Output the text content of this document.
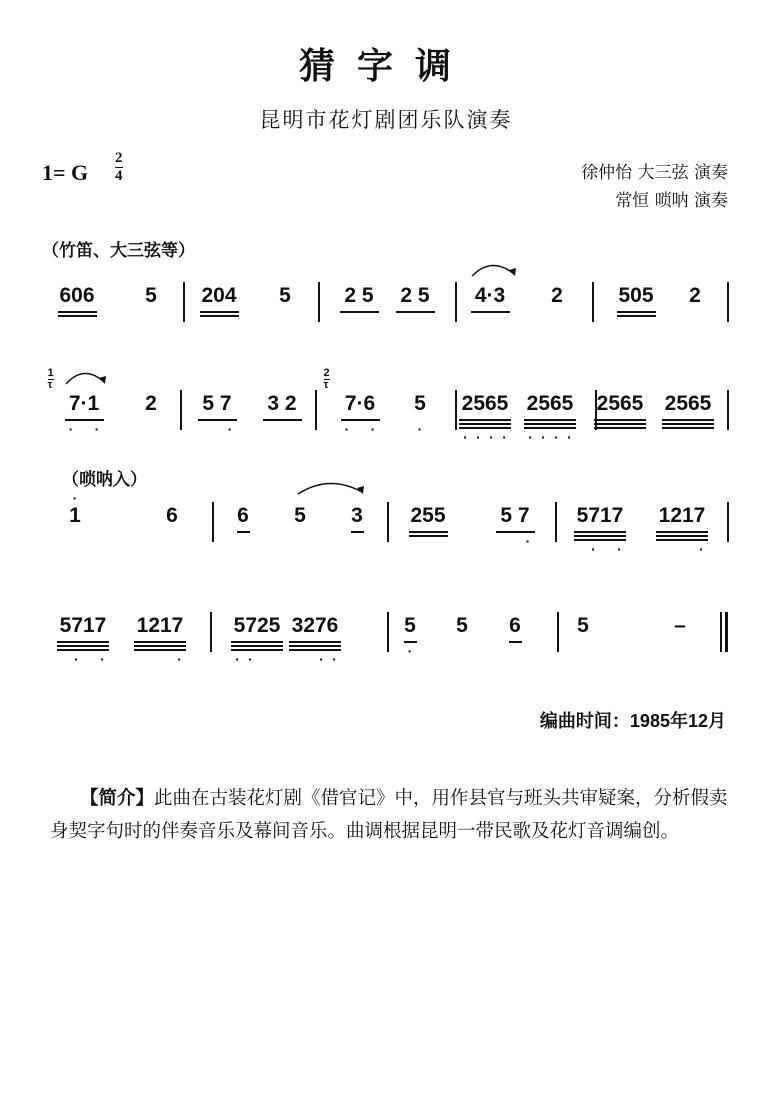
猜字调
昆明市花灯剧团乐队演奏
1= G
2
4	徐仲怡 大三弦 演奏
常恒 唢呐 演奏
（竹笛、大三弦等）
（唢呐入）
编曲时间：1985年12月
【简介】此曲在古装花灯剧《借官记》中，用作县官与班头共审疑案，分析假卖身契字句时的伴奏音乐及幕间音乐。曲调根据昆明一带民歌及花灯音调编创。
606 5 204 5	2 5 2 5 4·3 2	505 2
7·1
· ·
1
τ
2 5 7
·
3 2 7·6
· ·
2
τ
5
·
2565
· · · ·
2565
· · · ·
2565 2565
1
·
6	6 5 3 255	5 7
·
5717
· ·
1217
·
5717
· ·
1217
·
5725
· ·
3276
· ·
5
·
5 6	5	–
